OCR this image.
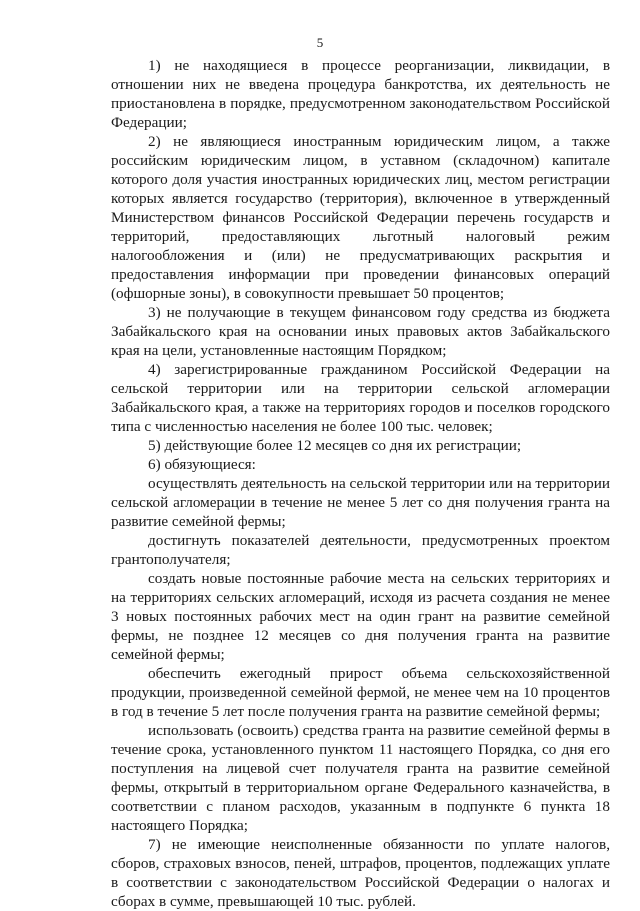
5

1) не находящиеся в процессе реорганизации, ликвидации, в отношении них не введена процедура банкротства, их деятельность не приостановлена в порядке, предусмотренном законодательством Российской Федерации;

2) не являющиеся иностранным юридическим лицом, а также российским юридическим лицом, в уставном (складочном) капитале которого доля участия иностранных юридических лиц, местом регистрации которых является государство (территория), включенное в утвержденный Министерством финансов Российской Федерации перечень государств и территорий, предоставляющих льготный налоговый режим налогообложения и (или) не предусматривающих раскрытия и предоставления информации при проведении финансовых операций (офшорные зоны), в совокупности превышает 50 процентов;

3) не получающие в текущем финансовом году средства из бюджета Забайкальского края на основании иных правовых актов Забайкальского края на цели, установленные настоящим Порядком;

4) зарегистрированные гражданином Российской Федерации на сельской территории или на территории сельской агломерации Забайкальского края, а также на территориях городов и поселков городского типа с численностью населения не более 100 тыс. человек;

5) действующие более 12 месяцев со дня их регистрации;

6) обязующиеся:

осуществлять деятельность на сельской территории или на территории сельской агломерации в течение не менее 5 лет со дня получения гранта на развитие семейной фермы;

достигнуть показателей деятельности, предусмотренных проектом грантополучателя;

создать новые постоянные рабочие места на сельских территориях и на территориях сельских агломераций, исходя из расчета создания не менее 3 новых постоянных рабочих мест на один грант на развитие семейной фермы, не позднее 12 месяцев со дня получения гранта на развитие семейной фермы;

обеспечить ежегодный прирост объема сельскохозяйственной продукции, произведенной семейной фермой, не менее чем на 10 процентов в год в течение 5 лет после получения гранта на развитие семейной фермы;

использовать (освоить) средства гранта на развитие семейной фермы в течение срока, установленного пунктом 11 настоящего Порядка, со дня его поступления на лицевой счет получателя гранта на развитие семейной фермы, открытый в территориальном органе Федерального казначейства, в соответствии с планом расходов, указанным в подпункте 6 пункта 18 настоящего Порядка;

7) не имеющие неисполненные обязанности по уплате налогов, сборов, страховых взносов, пеней, штрафов, процентов, подлежащих уплате в соответствии с законодательством Российской Федерации о налогах и сборах в сумме, превышающей 10 тыс. рублей.
